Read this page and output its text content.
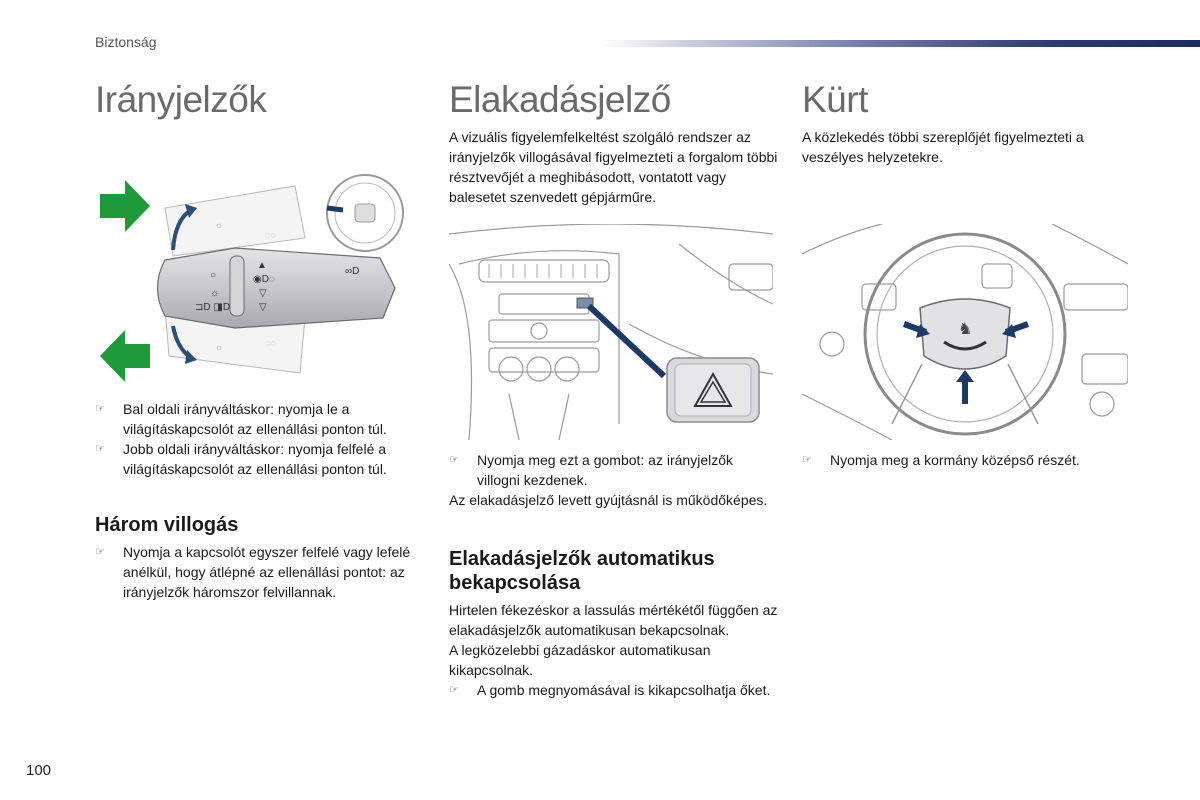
Biztonság
Irányjelzők
☼
◌◌
☼	◌◌
○
☼
⊐D ◨D
▲
◉D◌
▽
▽
∞D
☞ Bal oldali irányváltáskor: nyomja le a világításkapcsolót az ellenállási ponton túl.
☞ Jobb oldali irányváltáskor: nyomja felfelé a világításkapcsolót az ellenállási ponton túl.
Három villogás
☞ Nyomja a kapcsolót egyszer felfelé vagy lefelé anélkül, hogy átlépné az ellenállási pontot: az irányjelzők háromszor felvillannak.
Elakadásjelző

A vizuális figyelemfelkeltést szolgáló rendszer az irányjelzők villogásával figyelmezteti a forgalom többi résztvevőjét a meghibásodott, vontatott vagy balesetet szenvedett gépjárműre.

☞ Nyomja meg ezt a gombot: az irányjelzők villogni kezdenek.

Az elakadásjelző levett gyújtásnál is működőképes.

Elakadásjelzők automatikus bekapcsolása

Hirtelen fékezéskor a lassulás mértékétől függően az elakadásjelzők automatikusan bekapcsolnak.

A legközelebbi gázadáskor automatikusan kikapcsolnak.

☞ A gomb megnyomásával is kikapcsolhatja őket.
Kürt

A közlekedés többi szereplőjét figyelmezteti a veszélyes helyzetekre.

♞
☞ Nyomja meg a kormány középső részét.
100
